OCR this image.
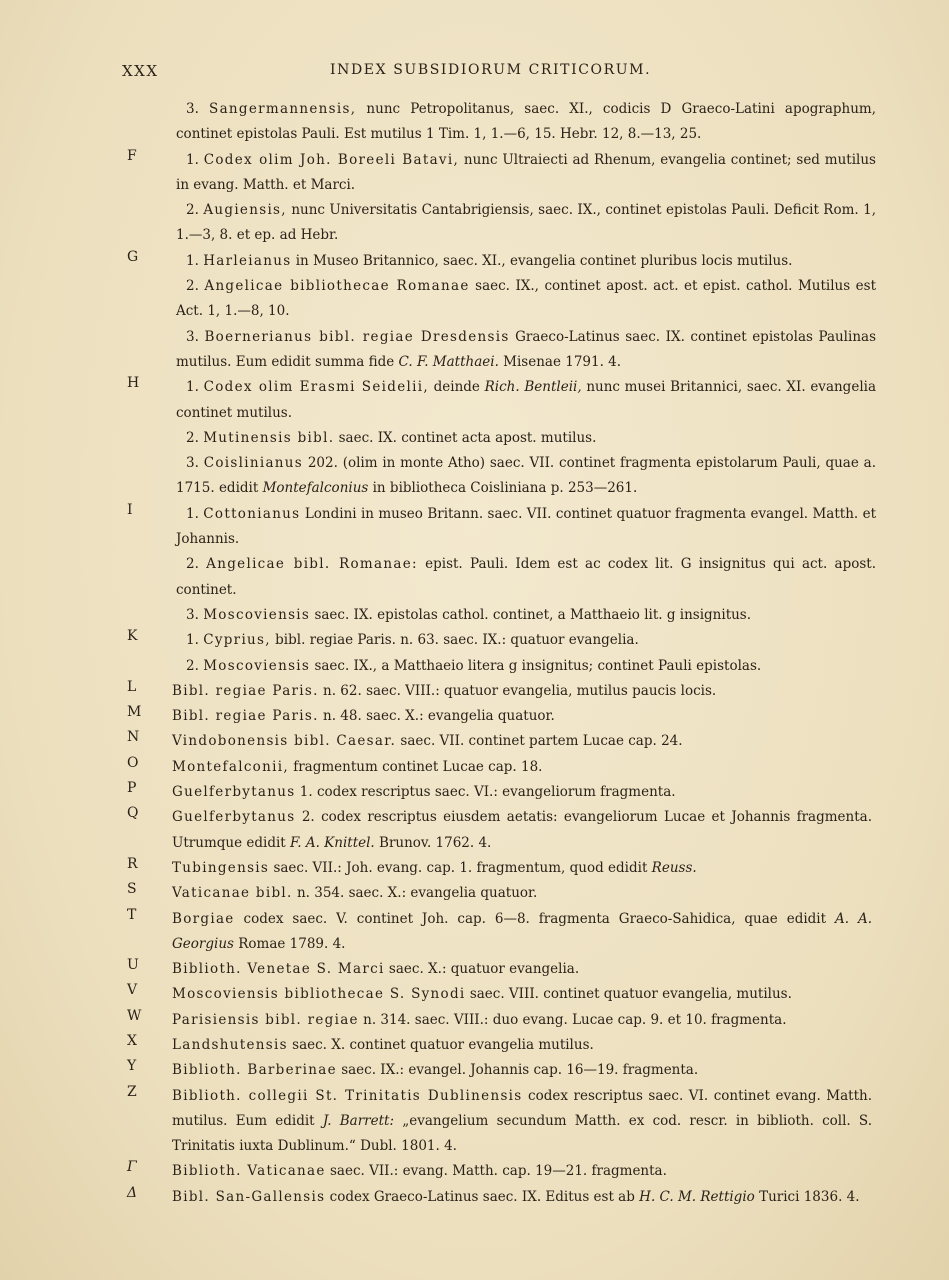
XXX	INDEX SUBSIDIORUM CRITICORUM.
3. Sangermannensis, nunc Petropolitanus, saec. XI., codicis D Graeco-Latini apographum, continet epistolas Pauli. Est mutilus 1 Tim. 1, 1.—6, 15. Hebr. 12, 8.—13, 25.
F	1. Codex olim Joh. Boreeli Batavi, nunc Ultraiecti ad Rhenum, evangelia continet; sed mutilus in evang. Matth. et Marci.
2. Augiensis, nunc Universitatis Cantabrigiensis, saec. IX., continet epistolas Pauli. Deficit Rom. 1, 1.—3, 8. et ep. ad Hebr.
G	1. Harleianus in Museo Britannico, saec. XI., evangelia continet pluribus locis mutilus.
2. Angelicae bibliothecae Romanae saec. IX., continet apost. act. et epist. cathol. Mutilus est Act. 1, 1.—8, 10.
3. Boernerianus bibl. regiae Dresdensis Graeco-Latinus saec. IX. continet epistolas Paulinas mutilus. Eum edidit summa fide C. F. Matthaei. Misenae 1791. 4.
H	1. Codex olim Erasmi Seidelii, deinde Rich. Bentleii, nunc musei Britannici, saec. XI. evangelia continet mutilus.
2. Mutinensis bibl. saec. IX. continet acta apost. mutilus.
3. Coislinianus 202. (olim in monte Atho) saec. VII. continet fragmenta epistolarum Pauli, quae a. 1715. edidit Montefalconius in bibliotheca Coisliniana p. 253—261.
I	1. Cottonianus Londini in museo Britann. saec. VII. continet quatuor fragmenta evangel. Matth. et Johannis.
2. Angelicae bibl. Romanae: epist. Pauli. Idem est ac codex lit. G insignitus qui act. apost. continet.
3. Moscoviensis saec. IX. epistolas cathol. continet, a Matthaeio lit. g insignitus.
K	1. Cyprius, bibl. regiae Paris. n. 63. saec. IX.: quatuor evangelia.
2. Moscoviensis saec. IX., a Matthaeio litera g insignitus; continet Pauli epistolas.
L	Bibl. regiae Paris. n. 62. saec. VIII.: quatuor evangelia, mutilus paucis locis.
M	Bibl. regiae Paris. n. 48. saec. X.: evangelia quatuor.
N	Vindobonensis bibl. Caesar. saec. VII. continet partem Lucae cap. 24.
O	Montefalconii, fragmentum continet Lucae cap. 18.
P	Guelferbytanus 1. codex rescriptus saec. VI.: evangeliorum fragmenta.
Q	Guelferbytanus 2. codex rescriptus eiusdem aetatis: evangeliorum Lucae et Johannis fragmenta. Utrumque edidit F. A. Knittel. Brunov. 1762. 4.
R	Tubingensis saec. VII.: Joh. evang. cap. 1. fragmentum, quod edidit Reuss.
S	Vaticanae bibl. n. 354. saec. X.: evangelia quatuor.
T	Borgiae codex saec. V. continet Joh. cap. 6—8. fragmenta Graeco-Sahidica, quae edidit A. A. Georgius Romae 1789. 4.
U	Biblioth. Venetae S. Marci saec. X.: quatuor evangelia.
V	Moscoviensis bibliothecae S. Synodi saec. VIII. continet quatuor evangelia, mutilus.
W	Parisiensis bibl. regiae n. 314. saec. VIII.: duo evang. Lucae cap. 9. et 10. fragmenta.
X	Landshutensis saec. X. continet quatuor evangelia mutilus.
Y	Biblioth. Barberinae saec. IX.: evangel. Johannis cap. 16—19. fragmenta.
Z	Biblioth. collegii St. Trinitatis Dublinensis codex rescriptus saec. VI. continet evang. Matth. mutilus. Eum edidit J. Barrett: „evangelium secundum Matth. ex cod. rescr. in biblioth. coll. S. Trinitatis iuxta Dublinum.“ Dubl. 1801. 4.
Γ	Biblioth. Vaticanae saec. VII.: evang. Matth. cap. 19—21. fragmenta.
Δ	Bibl. San-Gallensis codex Graeco-Latinus saec. IX. Editus est ab H. C. M. Rettigio Turici 1836. 4.
